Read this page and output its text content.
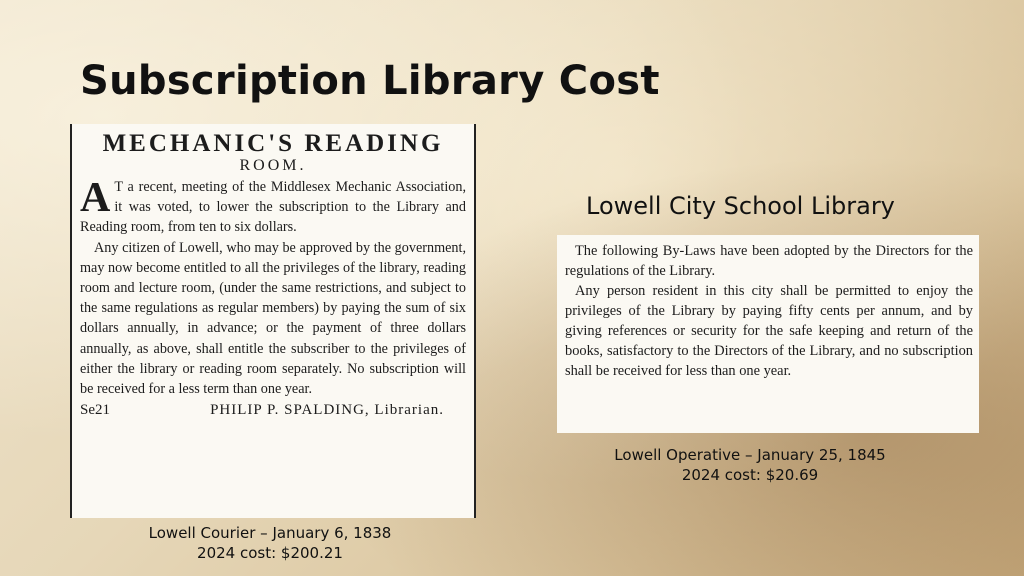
Subscription Library Cost
MECHANIC'S READING
ROOM.

A T a recent, meeting of the Middlesex Mechanic Association, it was voted, to lower the subscription to the Library and Reading room, from ten to six dollars.

Any citizen of Lowell, who may be approved by the government, may now become entitled to all the privileges of the library, reading room and lecture room, (under the same restrictions, and subject to the same regulations as regular members) by paying the sum of six dollars annually, in advance; or the payment of three dollars annually, as above, shall entitle the subscriber to the privileges of either the library or reading room separately. No subscription will be received for a less term than one year.

Se21	PHILIP P. SPALDING, Librarian.
Lowell Courier – January 6, 1838
2024 cost: $200.21
Lowell City School Library

The following By-Laws have been adopted by the Directors for the regulations of the Library.

Any person resident in this city shall be permitted to enjoy the privileges of the Library by paying fifty cents per annum, and by giving references or security for the safe keeping and return of the books, satisfactory to the Directors of the Library, and no subscription shall be received for less than one year.

Lowell Operative – January 25, 1845
2024 cost: $20.69
